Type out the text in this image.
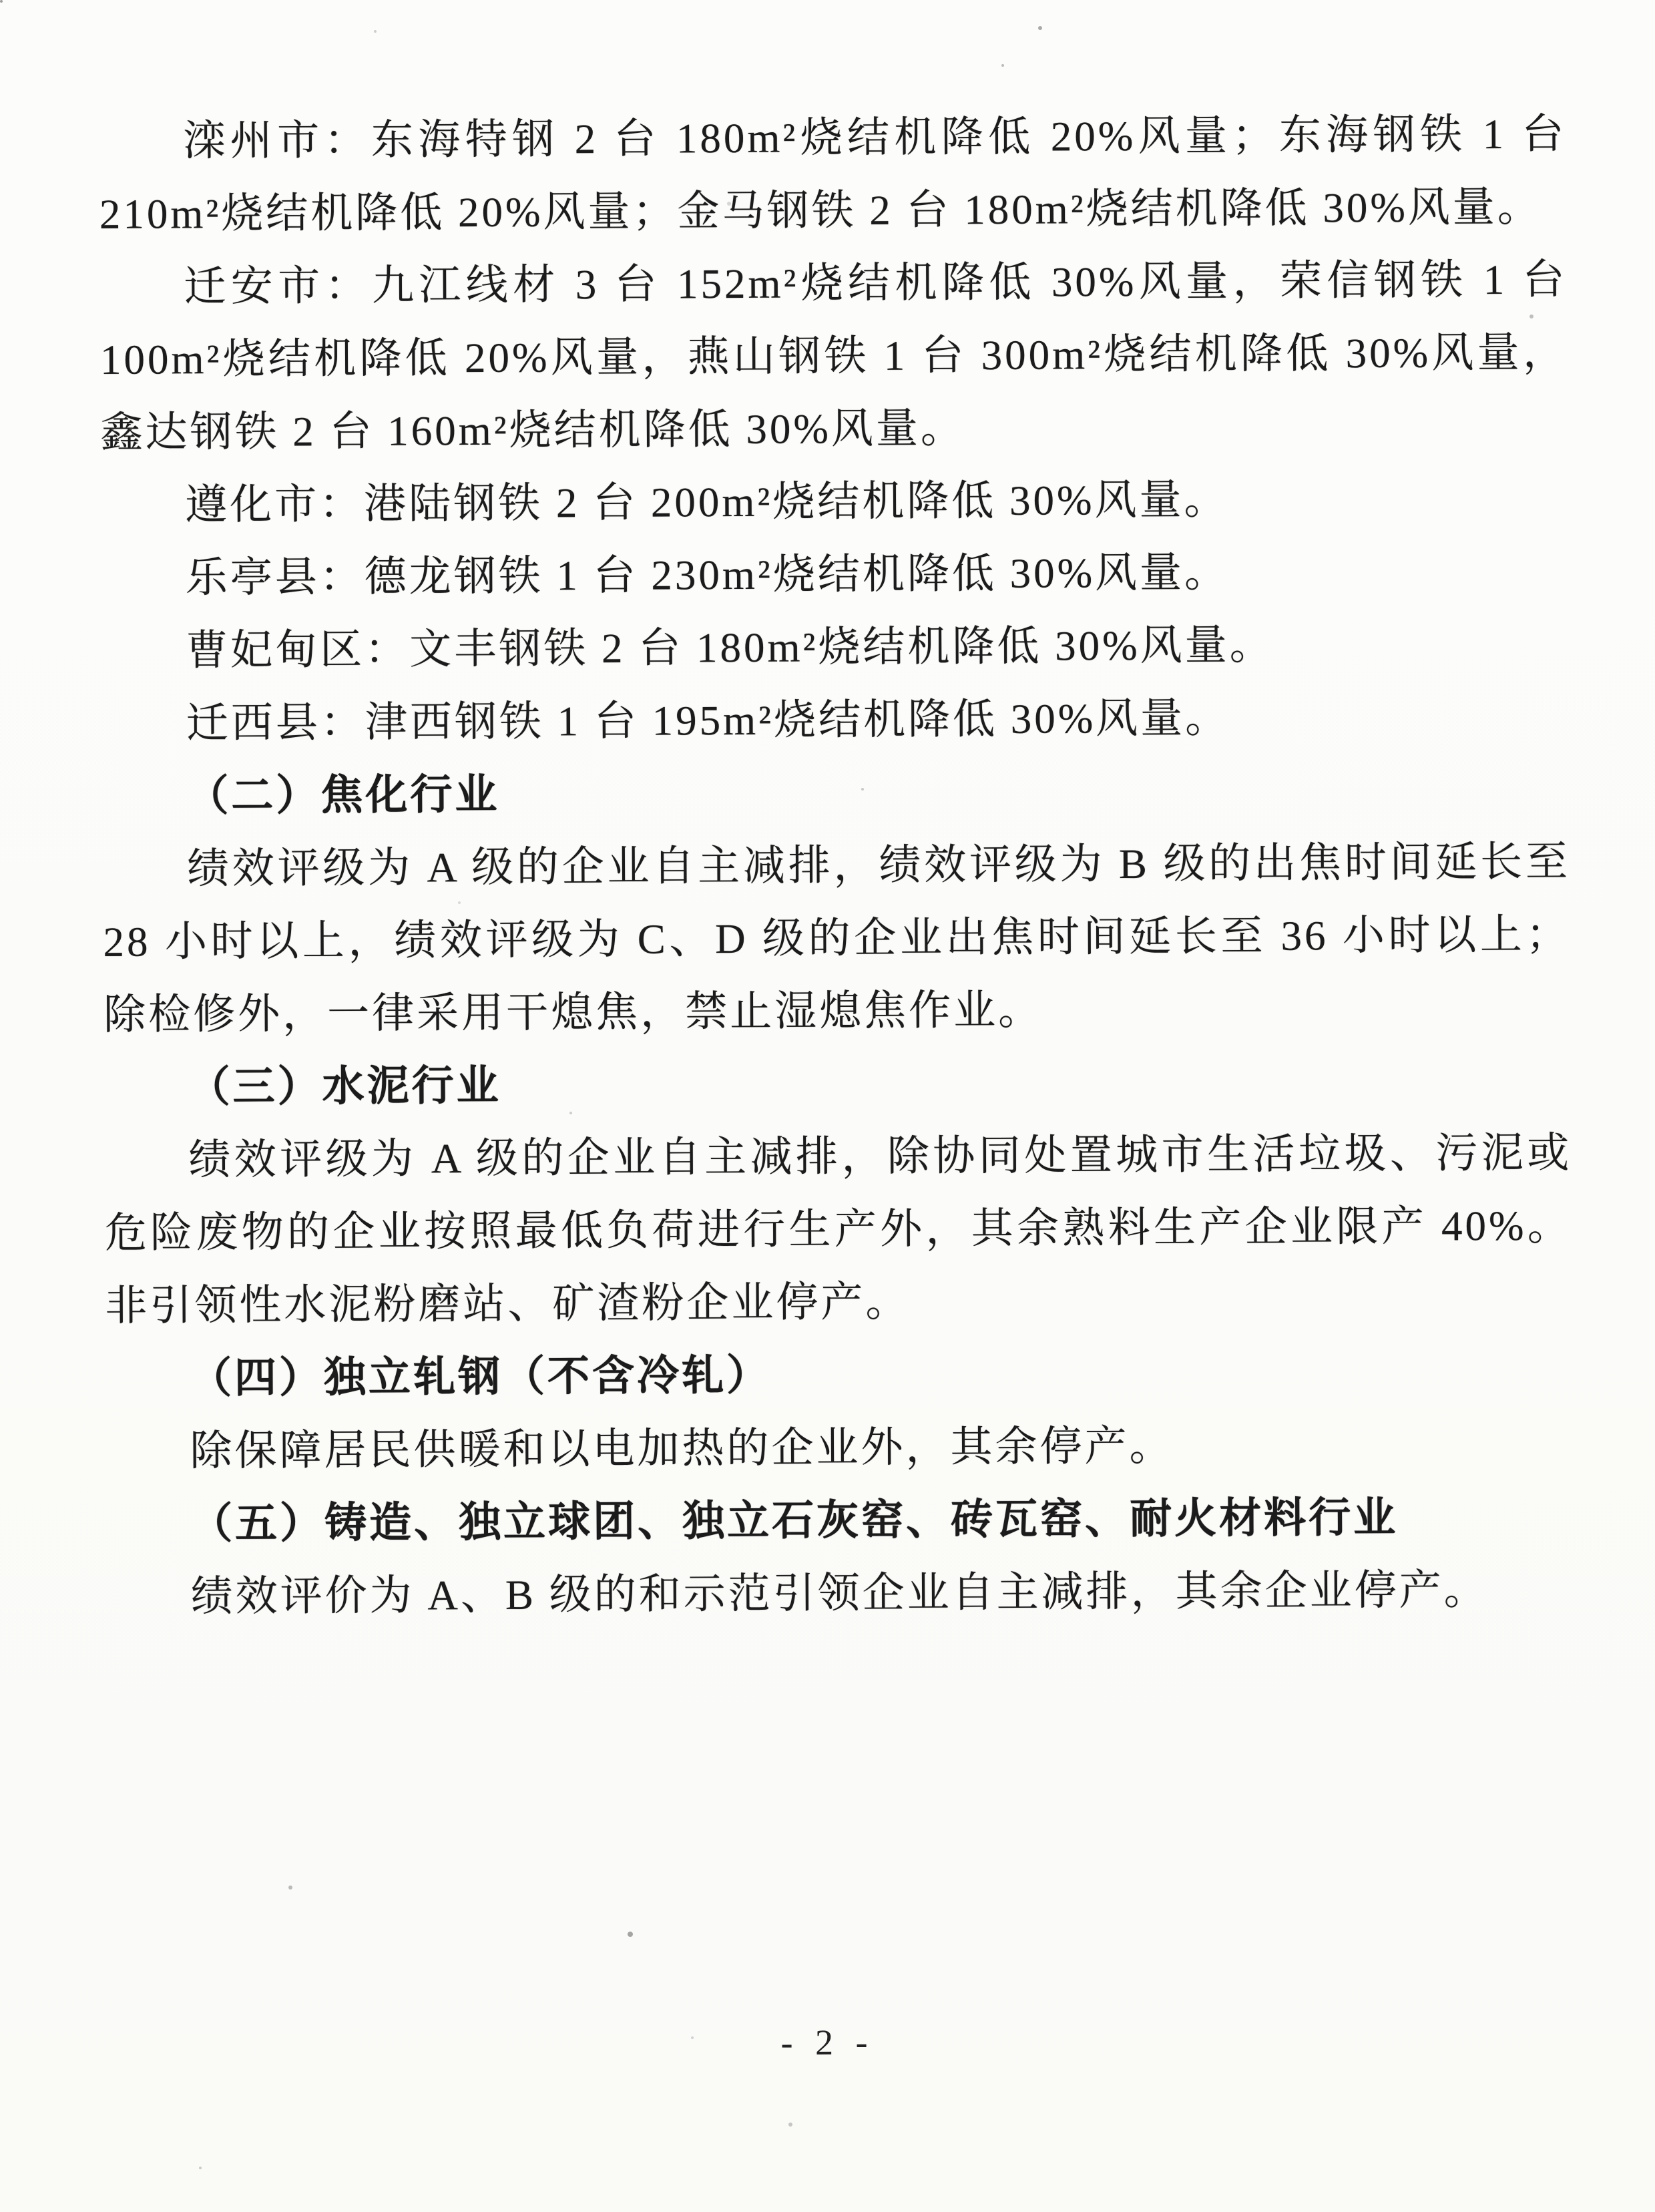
滦州市：东海特钢 2 台 180m²烧结机降低 20%风量；东海钢铁 1 台 210m²烧结机降低 20%风量；金马钢铁 2 台 180m²烧结机降低 30%风量。

迁安市：九江线材 3 台 152m²烧结机降低 30%风量，荣信钢铁 1 台 100m²烧结机降低 20%风量，燕山钢铁 1 台 300m²烧结机降低 30%风量，鑫达钢铁 2 台 160m²烧结机降低 30%风量。

遵化市：港陆钢铁 2 台 200m²烧结机降低 30%风量。

乐亭县：德龙钢铁 1 台 230m²烧结机降低 30%风量。

曹妃甸区：文丰钢铁 2 台 180m²烧结机降低 30%风量。

迁西县：津西钢铁 1 台 195m²烧结机降低 30%风量。

（二）焦化行业

绩效评级为 A 级的企业自主减排，绩效评级为 B 级的出焦时间延长至 28 小时以上，绩效评级为 C、D 级的企业出焦时间延长至 36 小时以上；除检修外，一律采用干熄焦，禁止湿熄焦作业。

（三）水泥行业

绩效评级为 A 级的企业自主减排，除协同处置城市生活垃圾、污泥或危险废物的企业按照最低负荷进行生产外，其余熟料生产企业限产 40%。非引领性水泥粉磨站、矿渣粉企业停产。

（四）独立轧钢（不含冷轧）

除保障居民供暖和以电加热的企业外，其余停产。

（五）铸造、独立球团、独立石灰窑、砖瓦窑、耐火材料行业

绩效评价为 A、B 级的和示范引领企业自主减排，其余企业停产。

- 2 -
